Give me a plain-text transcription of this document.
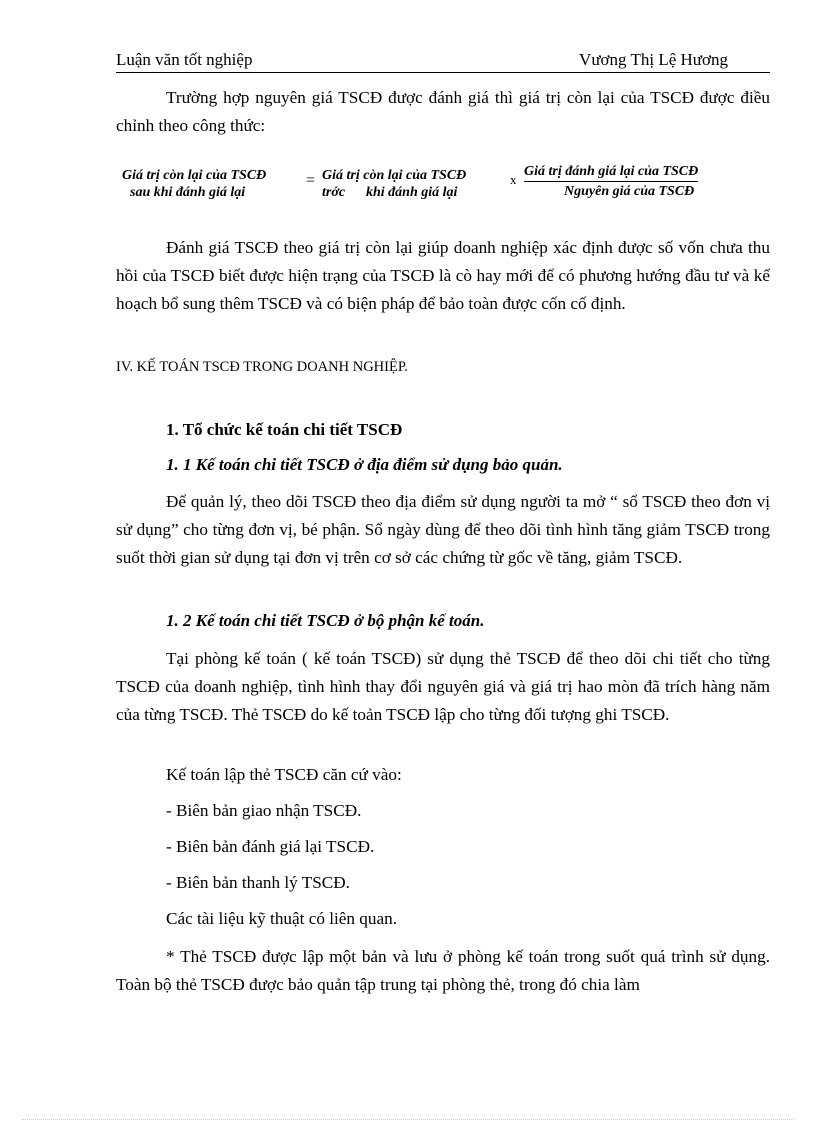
Luận văn tốt nghiệp	Vương Thị Lệ Hương

Trường hợp nguyên giá TSCĐ được đánh giá thì giá trị còn lại của TSCĐ được điều chỉnh theo công thức:

Giá trị còn lại của TSCĐ
sau khi đánh giá lại
= Giá trị còn lại của TSCĐ
trớc khi đánh giá lại
x
Giá trị đánh giá lại của TSCĐ
Nguyên giá của TSCĐ

Đánh giá TSCĐ theo giá trị còn lại giúp doanh nghiệp xác định được số vốn chưa thu hồi của TSCĐ biết được hiện trạng của TSCĐ là cò hay mới để có phương hướng đầu tư và kế hoạch bổ sung thêm TSCĐ và có biện pháp để bảo toàn được cốn cố định.

IV. KẾ TOÁN TSCĐ TRONG DOANH NGHIỆP.
1. Tổ chức kế toán chi tiết TSCĐ
1. 1 Kế toán chi tiết TSCĐ ở địa điểm sử dụng bảo quản.

Để quản lý, theo dõi TSCĐ theo địa điểm sử dụng người ta mở “ sổ TSCĐ theo đơn vị sử dụng” cho từng đơn vị, bé phận. Sổ ngày dùng để theo dõi tình hình tăng giảm TSCĐ trong suốt thời gian sử dụng tại đơn vị trên cơ sở các chứng từ gốc về tăng, giảm TSCĐ.

1. 2 Kế toán chi tiết TSCĐ ở bộ phận kế toán.

Tại phòng kế toán ( kế toán TSCĐ) sử dụng thẻ TSCĐ để theo dõi chi tiết cho từng TSCĐ của doanh nghiệp, tình hình thay đổi nguyên giá và giá trị hao mòn đã trích hàng năm của từng TSCĐ. Thẻ TSCĐ do kế toản TSCĐ lập cho từng đối tượng ghi TSCĐ.

Kế toán lập thẻ TSCĐ căn cứ vào:
- Biên bản giao nhận TSCĐ.
- Biên bản đánh giá lại TSCĐ.
- Biên bản thanh lý TSCĐ.
Các tài liệu kỹ thuật có liên quan.

* Thẻ TSCĐ được lập một bản và lưu ở phòng kế toán trong suốt quá trình sử dụng. Toàn bộ thẻ TSCĐ được bảo quản tập trung tại phòng thẻ, trong đó chia làm
